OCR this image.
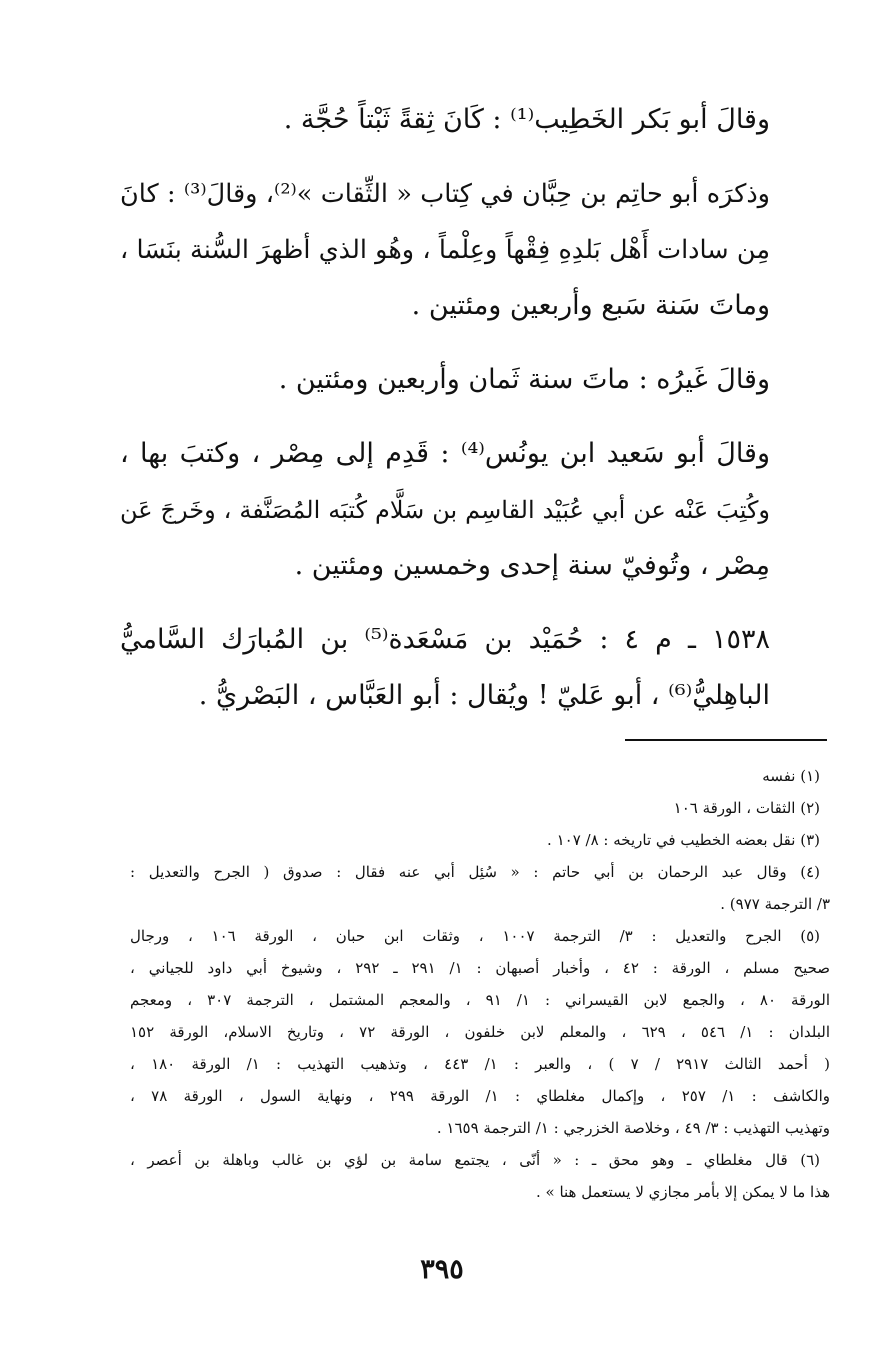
وقالَ أبو بَكر الخَطِيب⁽¹⁾ : كَانَ ثِقةً ثَبْتاً حُجَّة .

وذكرَه أبو حاتِم بن حِبَّان في كِتاب « الثِّقات »⁽²⁾، وقالَ⁽³⁾ : كانَ
مِن سادات أَهْل بَلدِهِ فِقْهاً وعِلْماً ، وهُو الذي أظهرَ السُّنة بنَسَا ،
وماتَ سَنة سَبع وأربعين ومئتين .

وقالَ غَيرُه : ماتَ سنة ثَمان وأربعين ومئتين .

وقالَ أبو سَعيد ابن يونُس⁽⁴⁾ : قَدِم إلى مِصْر ، وكتبَ بها ،
وكُتِبَ عَنْه عن أبي عُبَيْد القاسِم بن سَلَّام كُتبَه المُصَنَّفة ، وخَرجَ عَن
مِصْر ، وتُوفيّ سنة إحدى وخمسين ومئتين .

١٥٣٨ ـ م ٤ : حُمَيْد بن مَسْعَدة⁽⁵⁾ بن المُبارَك السَّاميُّ
الباهِليُّ⁽⁶⁾ ، أبو عَليّ ! ويُقال : أبو العَبَّاس ، البَصْريُّ .

(١) نفسه
(٢) الثقات ، الورقة ١٠٦
(٣) نقل بعضه الخطيب في تاريخه : ٨/ ١٠٧ .
(٤) وقال عبد الرحمان بن أبي حاتم : « سُئِل أبي عنه فقال : صدوق ( الجرح والتعديل :
٣/ الترجمة ٩٧٧) .
(٥) الجرح والتعديل : ٣/ الترجمة ١٠٠٧ ، وثقات ابن حبان ، الورقة ١٠٦ ، ورجال
صحيح مسلم ، الورقة : ٤٢ ، وأخبار أصبهان : ١/ ٢٩١ ـ ٢٩٢ ، وشيوخ أبي داود للجياني ،
الورقة ٨٠ ، والجمع لابن القيسراني : ١/ ٩١ ، والمعجم المشتمل ، الترجمة ٣٠٧ ، ومعجم
البلدان : ١/ ٥٤٦ ، ٦٢٩ ، والمعلم لابن خلفون ، الورقة ٧٢ ، وتاريخ الاسلام، الورقة ١٥٢
( أحمد الثالث ٢٩١٧ / ٧ ) ، والعبر : ١/ ٤٤٣ ، وتذهيب التهذيب : ١/ الورقة ١٨٠ ،
والكاشف : ١/ ٢٥٧ ، وإكمال مغلطاي : ١/ الورقة ٢٩٩ ، ونهاية السول ، الورقة ٧٨ ،
وتهذيب التهذيب : ٣/ ٤٩ ، وخلاصة الخزرجي : ١/ الترجمة ١٦٥٩ .
(٦) قال مغلطاي ـ وهو محق ـ : « أنّى ، يجتمع سامة بن لؤي بن غالب وباهلة بن أعصر ،
هذا ما لا يمكن إلا بأمر مجازي لا يستعمل هنا » .
٣٩٥
